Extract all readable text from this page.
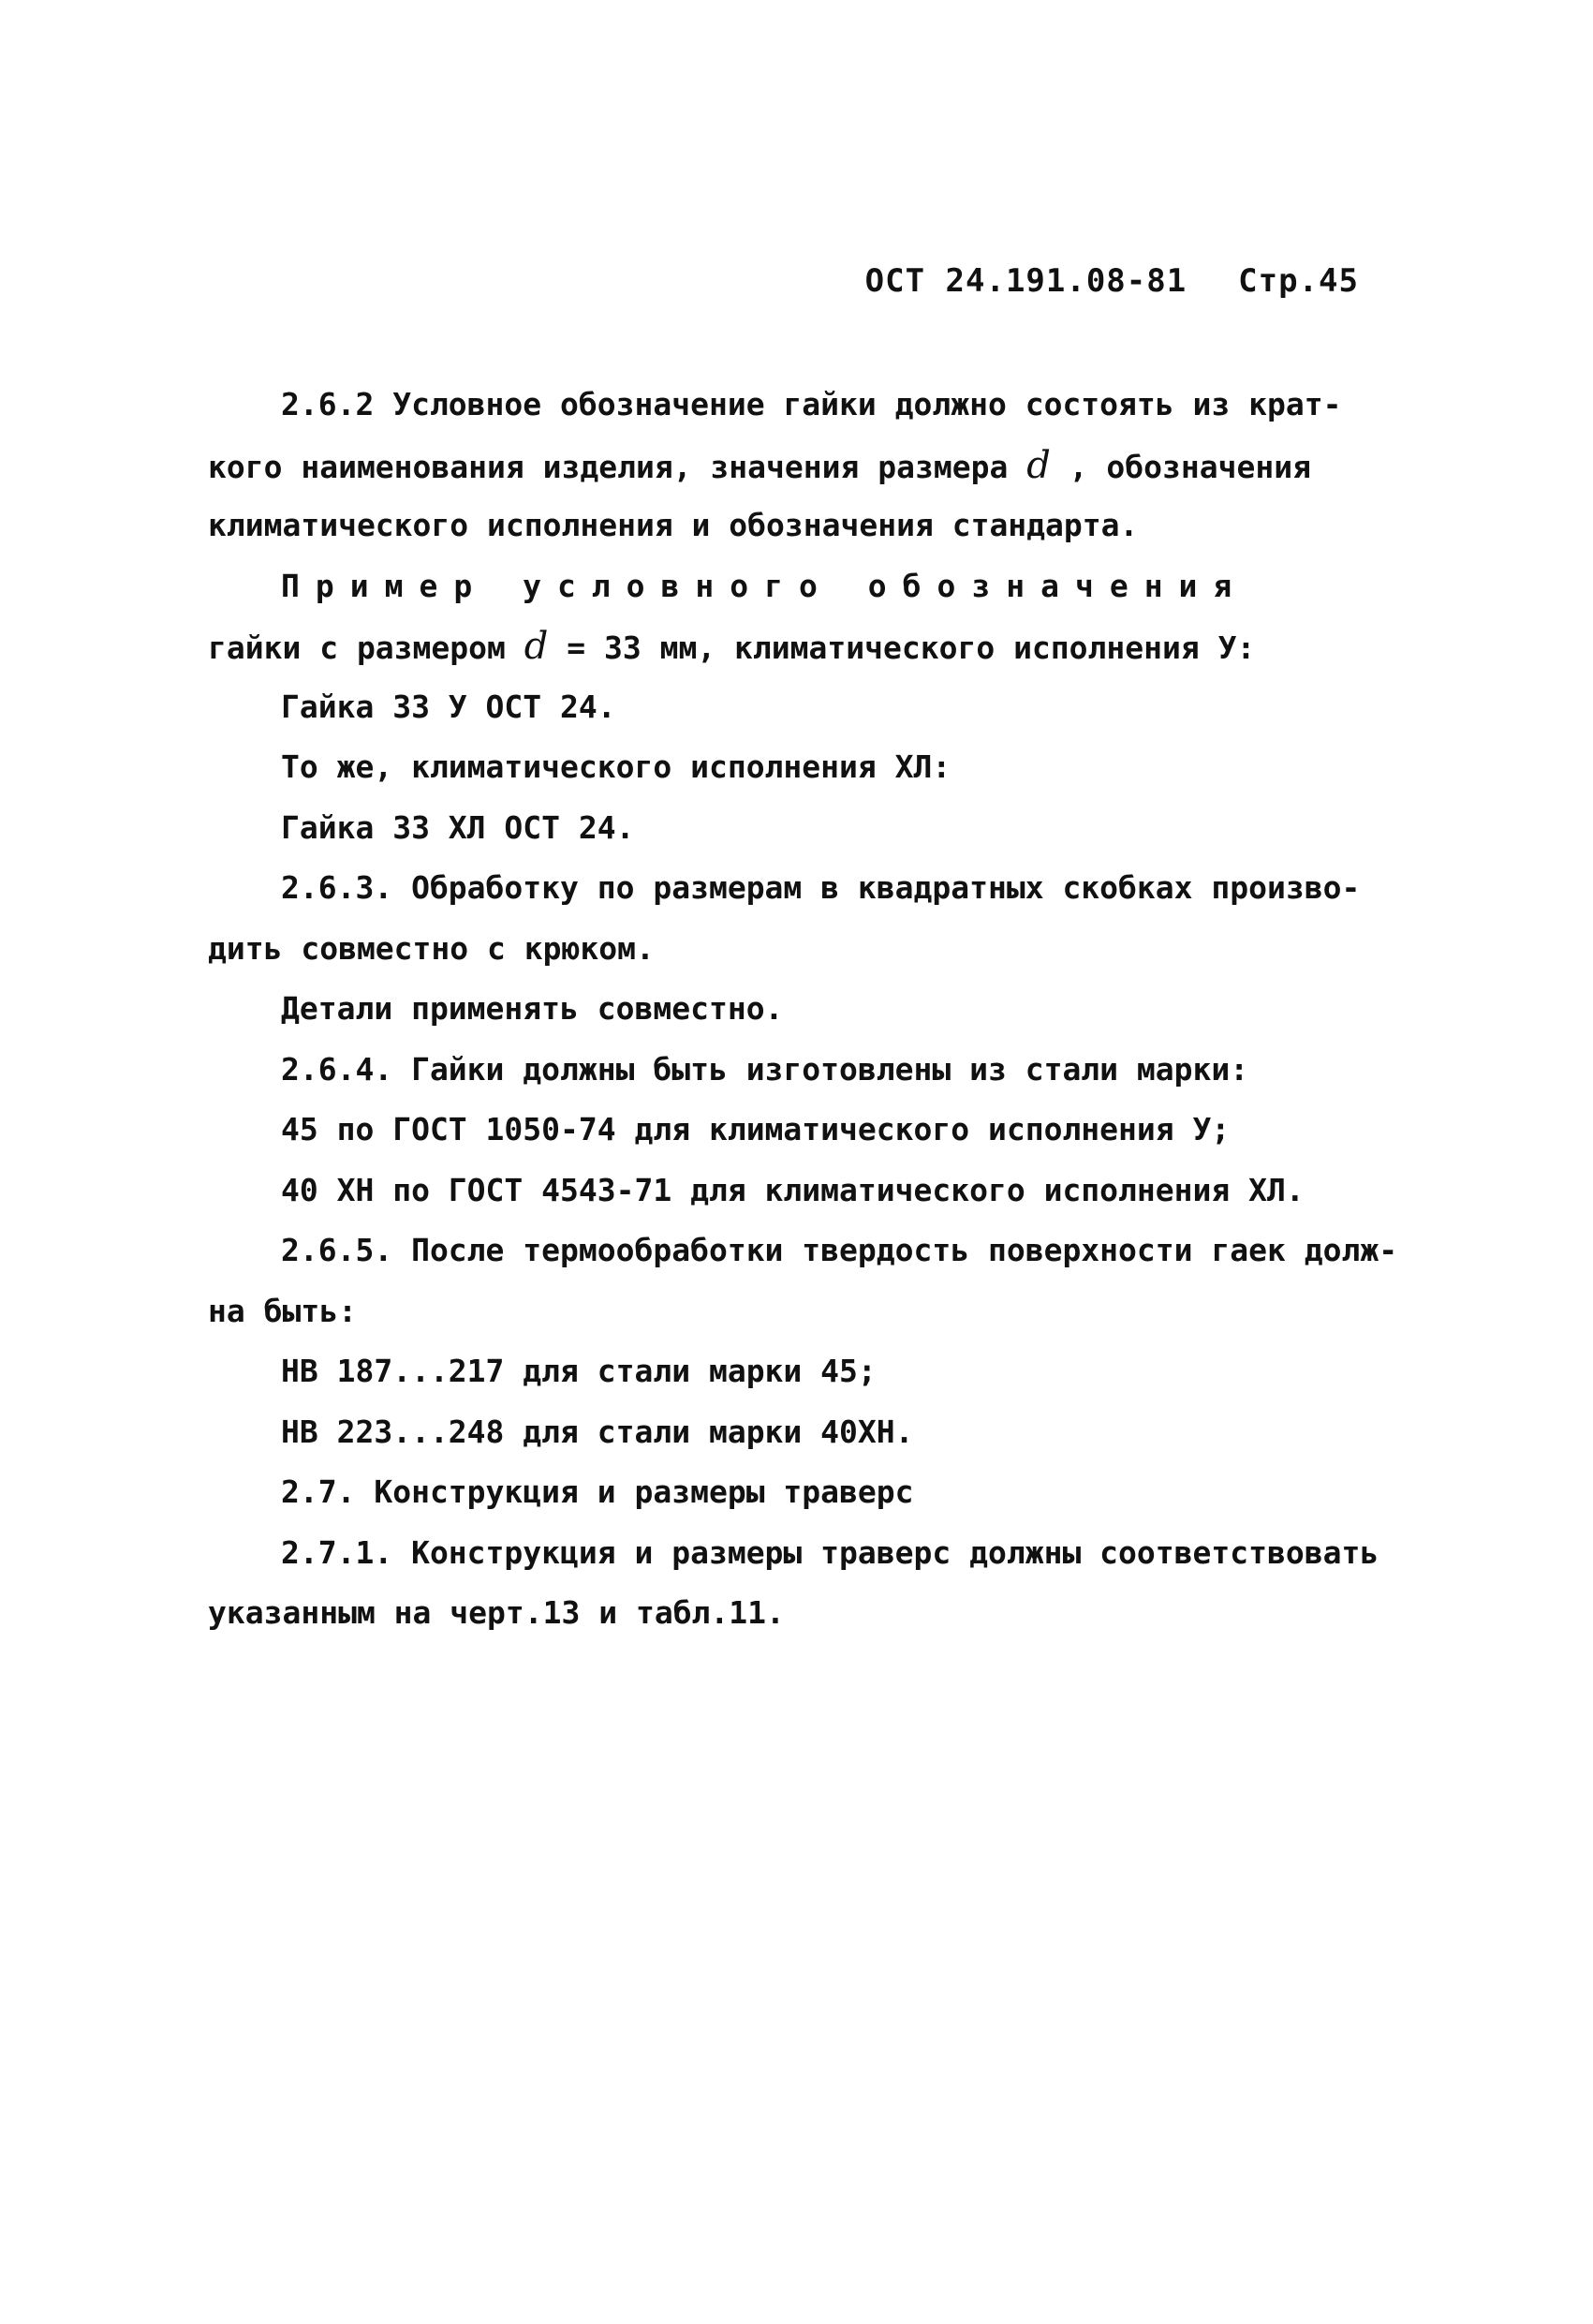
ОСТ 24.191.08-81 Стр.45
2.6.2 Условное обозначение гайки должно состоять из крат-
кого наименования изделия, значения размера d , обозначения
климатического исполнения и обозначения стандарта.
Пример условного обозначения
гайки с размером d = 33 мм, климатического исполнения У:
Гайка 33 У ОСТ 24.
То же, климатического исполнения ХЛ:
Гайка 33 ХЛ ОСТ 24.
2.6.3. Обработку по размерам в квадратных скобках произво-
дить совместно с крюком.
Детали применять совместно.
2.6.4. Гайки должны быть изготовлены из стали марки:
45 по ГОСТ 1050-74 для климатического исполнения У;
40 ХН по ГОСТ 4543-71 для климатического исполнения ХЛ.
2.6.5. После термообработки твердость поверхности гаек долж-
на быть:
НВ 187...217 для стали марки 45;
НВ 223...248 для стали марки 40ХН.
2.7. Конструкция и размеры траверс
2.7.1. Конструкция и размеры траверс должны соответствовать
указанным на черт.13 и табл.11.
